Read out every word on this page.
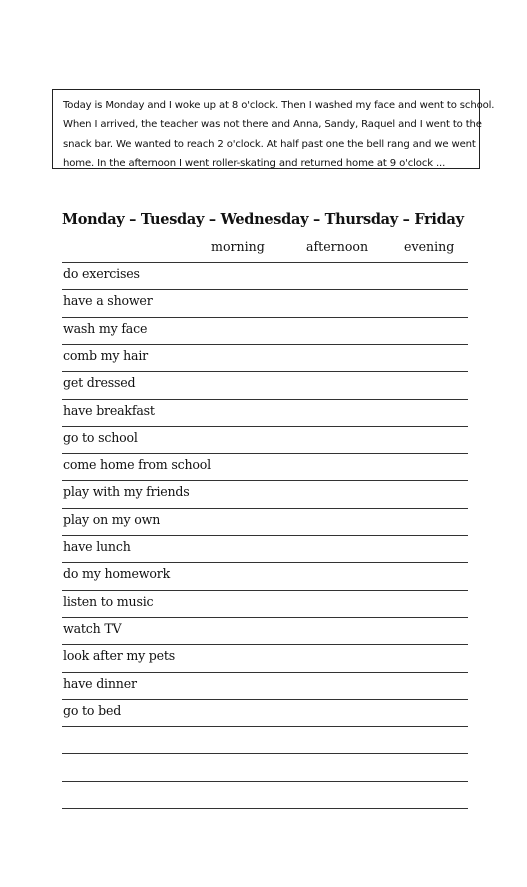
Today is Monday and I woke up at 8 o'clock. Then I washed my face and went to school.
When I arrived, the teacher was not there and Anna, Sandy, Raquel and I went to the
snack bar. We wanted to reach 2 o'clock. At half past one the bell rang and we went
home. In the afternoon I went roller-skating and returned home at 9 o'clock ...
Monday – Tuesday – Wednesday – Thursday – Friday
morning	afternoon	evening
do exercises
have a shower
wash my face
comb my hair
get dressed
have breakfast
go to school
come home from school
play with my friends
play on my own
have lunch
do my homework
listen to music
watch TV
look after my pets
have dinner
go to bed
